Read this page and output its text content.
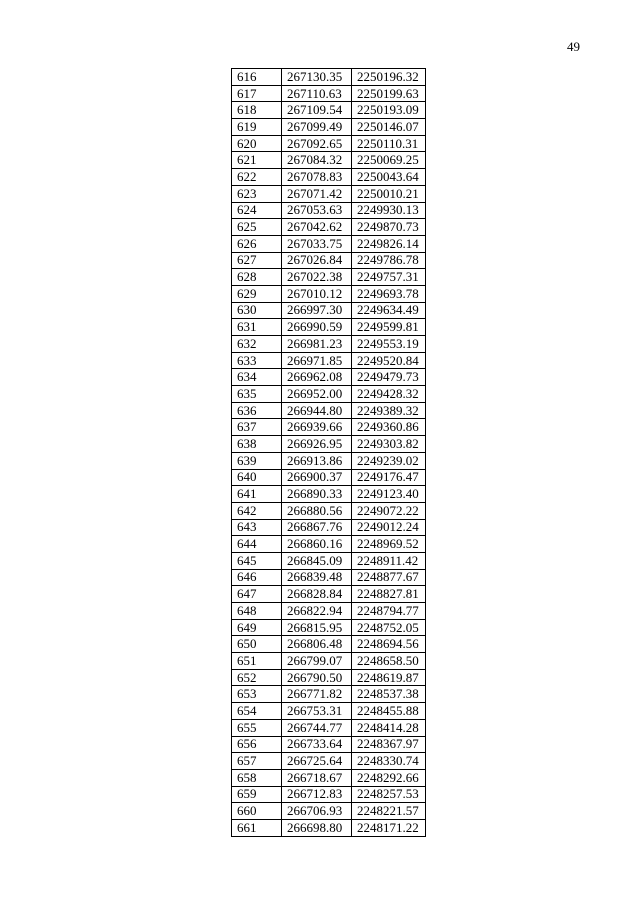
49
616	267130.35	2250196.32
617	267110.63	2250199.63
618	267109.54	2250193.09
619	267099.49	2250146.07
620	267092.65	2250110.31
621	267084.32	2250069.25
622	267078.83	2250043.64
623	267071.42	2250010.21
624	267053.63	2249930.13
625	267042.62	2249870.73
626	267033.75	2249826.14
627	267026.84	2249786.78
628	267022.38	2249757.31
629	267010.12	2249693.78
630	266997.30	2249634.49
631	266990.59	2249599.81
632	266981.23	2249553.19
633	266971.85	2249520.84
634	266962.08	2249479.73
635	266952.00	2249428.32
636	266944.80	2249389.32
637	266939.66	2249360.86
638	266926.95	2249303.82
639	266913.86	2249239.02
640	266900.37	2249176.47
641	266890.33	2249123.40
642	266880.56	2249072.22
643	266867.76	2249012.24
644	266860.16	2248969.52
645	266845.09	2248911.42
646	266839.48	2248877.67
647	266828.84	2248827.81
648	266822.94	2248794.77
649	266815.95	2248752.05
650	266806.48	2248694.56
651	266799.07	2248658.50
652	266790.50	2248619.87
653	266771.82	2248537.38
654	266753.31	2248455.88
655	266744.77	2248414.28
656	266733.64	2248367.97
657	266725.64	2248330.74
658	266718.67	2248292.66
659	266712.83	2248257.53
660	266706.93	2248221.57
661	266698.80	2248171.22
